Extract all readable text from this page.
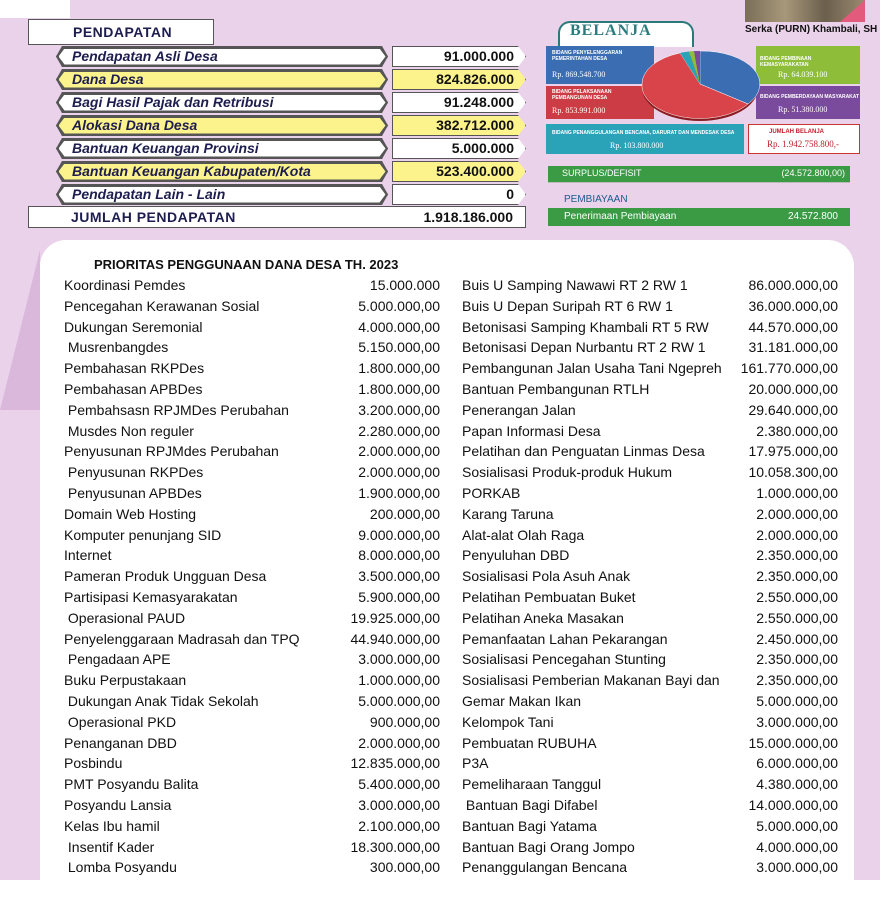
PENDAPATAN
Pendapatan Asli Desa	91.000.000
Dana Desa	824.826.000
Bagi Hasil Pajak dan Retribusi	91.248.000
Alokasi Dana Desa	382.712.000
Bantuan Keuangan Provinsi	5.000.000
Bantuan Keuangan Kabupaten/Kota	523.400.000
Pendapatan Lain - Lain	0
JUMLAH PENDAPATAN	1.918.186.000
Serka (PURN) Khambali, SH
BELANJA
BIDANG PENYELENGGARAN PEMERINTAHAN DESA
Rp. 869.548.700
BIDANG PELAKSANAAN PEMBANGUNAN DESA
Rp. 853.991.000
BIDANG PEMBINAAN KEMASYARAKATAN
Rp. 64.039.100
BIDANG PEMBERDAYAAN MASYARAKAT
Rp. 51.380.000
BIDANG PENANGGULANGAN BENCANA, DARURAT DAN MENDESAK DESA
Rp. 103.800.000
JUMLAH BELANJA
Rp. 1.942.758.800,-
SURPLUS/DEFISIT	(24.572.800,00)
PEMBIAYAAN
Penerimaan Pembiayaan	24.572.800
PRIORITAS PENGGUNAAN DANA DESA TH. 2023
Koordinasi Pemdes	15.000.000
Pencegahan Kerawanan Sosial	5.000.000,00
Dukungan Seremonial	4.000.000,00
Musrenbangdes	5.150.000,00
Pembahasan RKPDes	1.800.000,00
Pembahasan APBDes	1.800.000,00
Pembahsasn RPJMDes Perubahan	3.200.000,00
Musdes Non reguler	2.280.000,00
Penyusunan RPJMdes Perubahan	2.000.000,00
Penyusunan RKPDes	2.000.000,00
Penyusunan APBDes	1.900.000,00
Domain Web Hosting	200.000,00
Komputer penunjang SID	9.000.000,00
Internet	8.000.000,00
Pameran Produk Ungguan Desa	3.500.000,00
Partisipasi Kemasyarakatan	5.900.000,00
Operasional PAUD	19.925.000,00
Penyelenggaraan Madrasah dan TPQ	44.940.000,00
Pengadaan APE	3.000.000,00
Buku Perpustakaan	1.000.000,00
Dukungan Anak Tidak Sekolah	5.000.000,00
Operasional PKD	900.000,00
Penanganan DBD	2.000.000,00
Posbindu	12.835.000,00
PMT Posyandu Balita	5.400.000,00
Posyandu Lansia	3.000.000,00
Kelas Ibu hamil	2.100.000,00
Insentif Kader	18.300.000,00
Lomba Posyandu	300.000,00
Buis U Samping Nawawi RT 2 RW 1	86.000.000,00
Buis U Depan Suripah RT 6 RW 1	36.000.000,00
Betonisasi Samping Khambali RT 5 RW	44.570.000,00
Betonisasi Depan Nurbantu RT 2 RW 1	31.181.000,00
Pembangunan Jalan Usaha Tani Ngepreh 161.770.000,00
Bantuan Pembangunan RTLH	20.000.000,00
Penerangan Jalan	29.640.000,00
Papan Informasi Desa	2.380.000,00
Pelatihan dan Penguatan Linmas Desa	17.975.000,00
Sosialisasi Produk-produk Hukum	10.058.300,00
PORKAB	1.000.000,00
Karang Taruna	2.000.000,00
Alat-alat Olah Raga	2.000.000,00
Penyuluhan DBD	2.350.000,00
Sosialisasi Pola Asuh Anak	2.350.000,00
Pelatihan Pembuatan Buket	2.550.000,00
Pelatihan Aneka Masakan	2.550.000,00
Pemanfaatan Lahan Pekarangan	2.450.000,00
Sosialisasi Pencegahan Stunting	2.350.000,00
Sosialisasi Pemberian Makanan Bayi dan	2.350.000,00
Gemar Makan Ikan	5.000.000,00
Kelompok Tani	3.000.000,00
Pembuatan RUBUHA	15.000.000,00
P3A	6.000.000,00
Pemeliharaan Tanggul	4.380.000,00
Bantuan Bagi Difabel	14.000.000,00
Bantuan Bagi Yatama	5.000.000,00
Bantuan Bagi Orang Jompo	4.000.000,00
Penanggulangan Bencana	3.000.000,00
